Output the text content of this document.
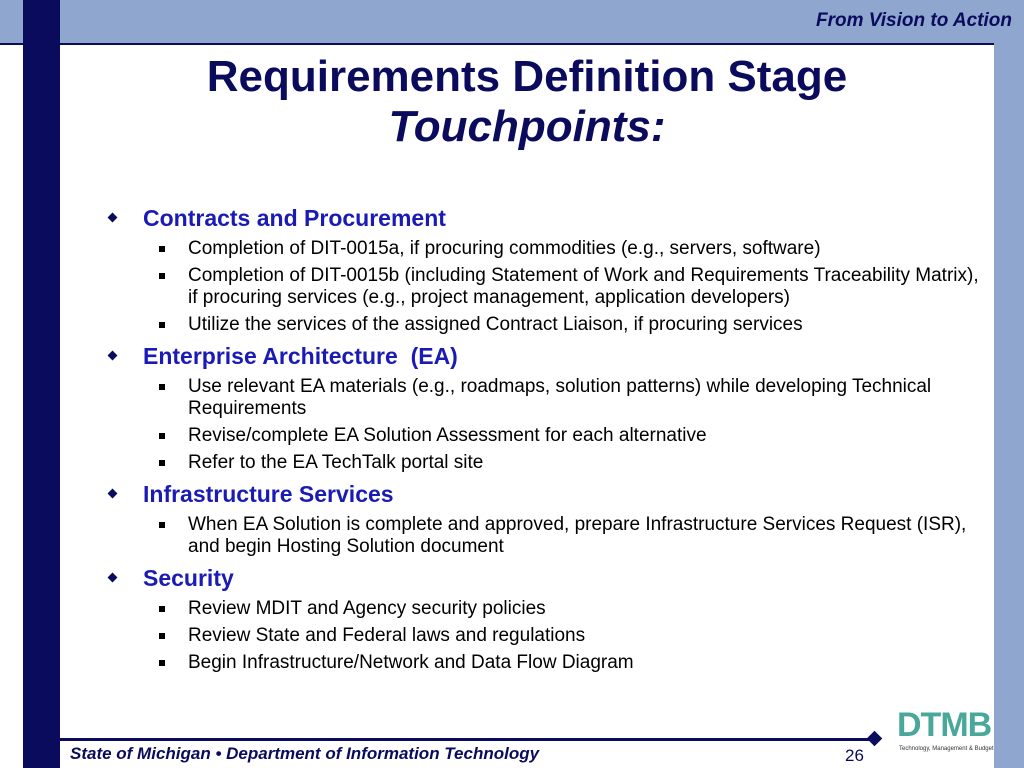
From Vision to Action
Requirements Definition Stage
Touchpoints:
Contracts and Procurement
Completion of DIT-0015a, if procuring commodities (e.g., servers, software)
Completion of DIT-0015b (including Statement of Work and Requirements Traceability Matrix), if procuring services (e.g., project management, application developers)
Utilize the services of the assigned Contract Liaison, if procuring services
Enterprise Architecture  (EA)
Use relevant EA materials (e.g., roadmaps, solution patterns) while developing Technical Requirements
Revise/complete EA Solution Assessment for each alternative
Refer to the EA TechTalk portal site
Infrastructure Services
When EA Solution is complete and approved, prepare Infrastructure Services Request (ISR), and begin Hosting Solution document
Security
Review MDIT and Agency security policies
Review State and Federal laws and regulations
Begin Infrastructure/Network and Data Flow Diagram
State of Michigan • Department of Information Technology	26
DTMB
Technology, Management & Budget
